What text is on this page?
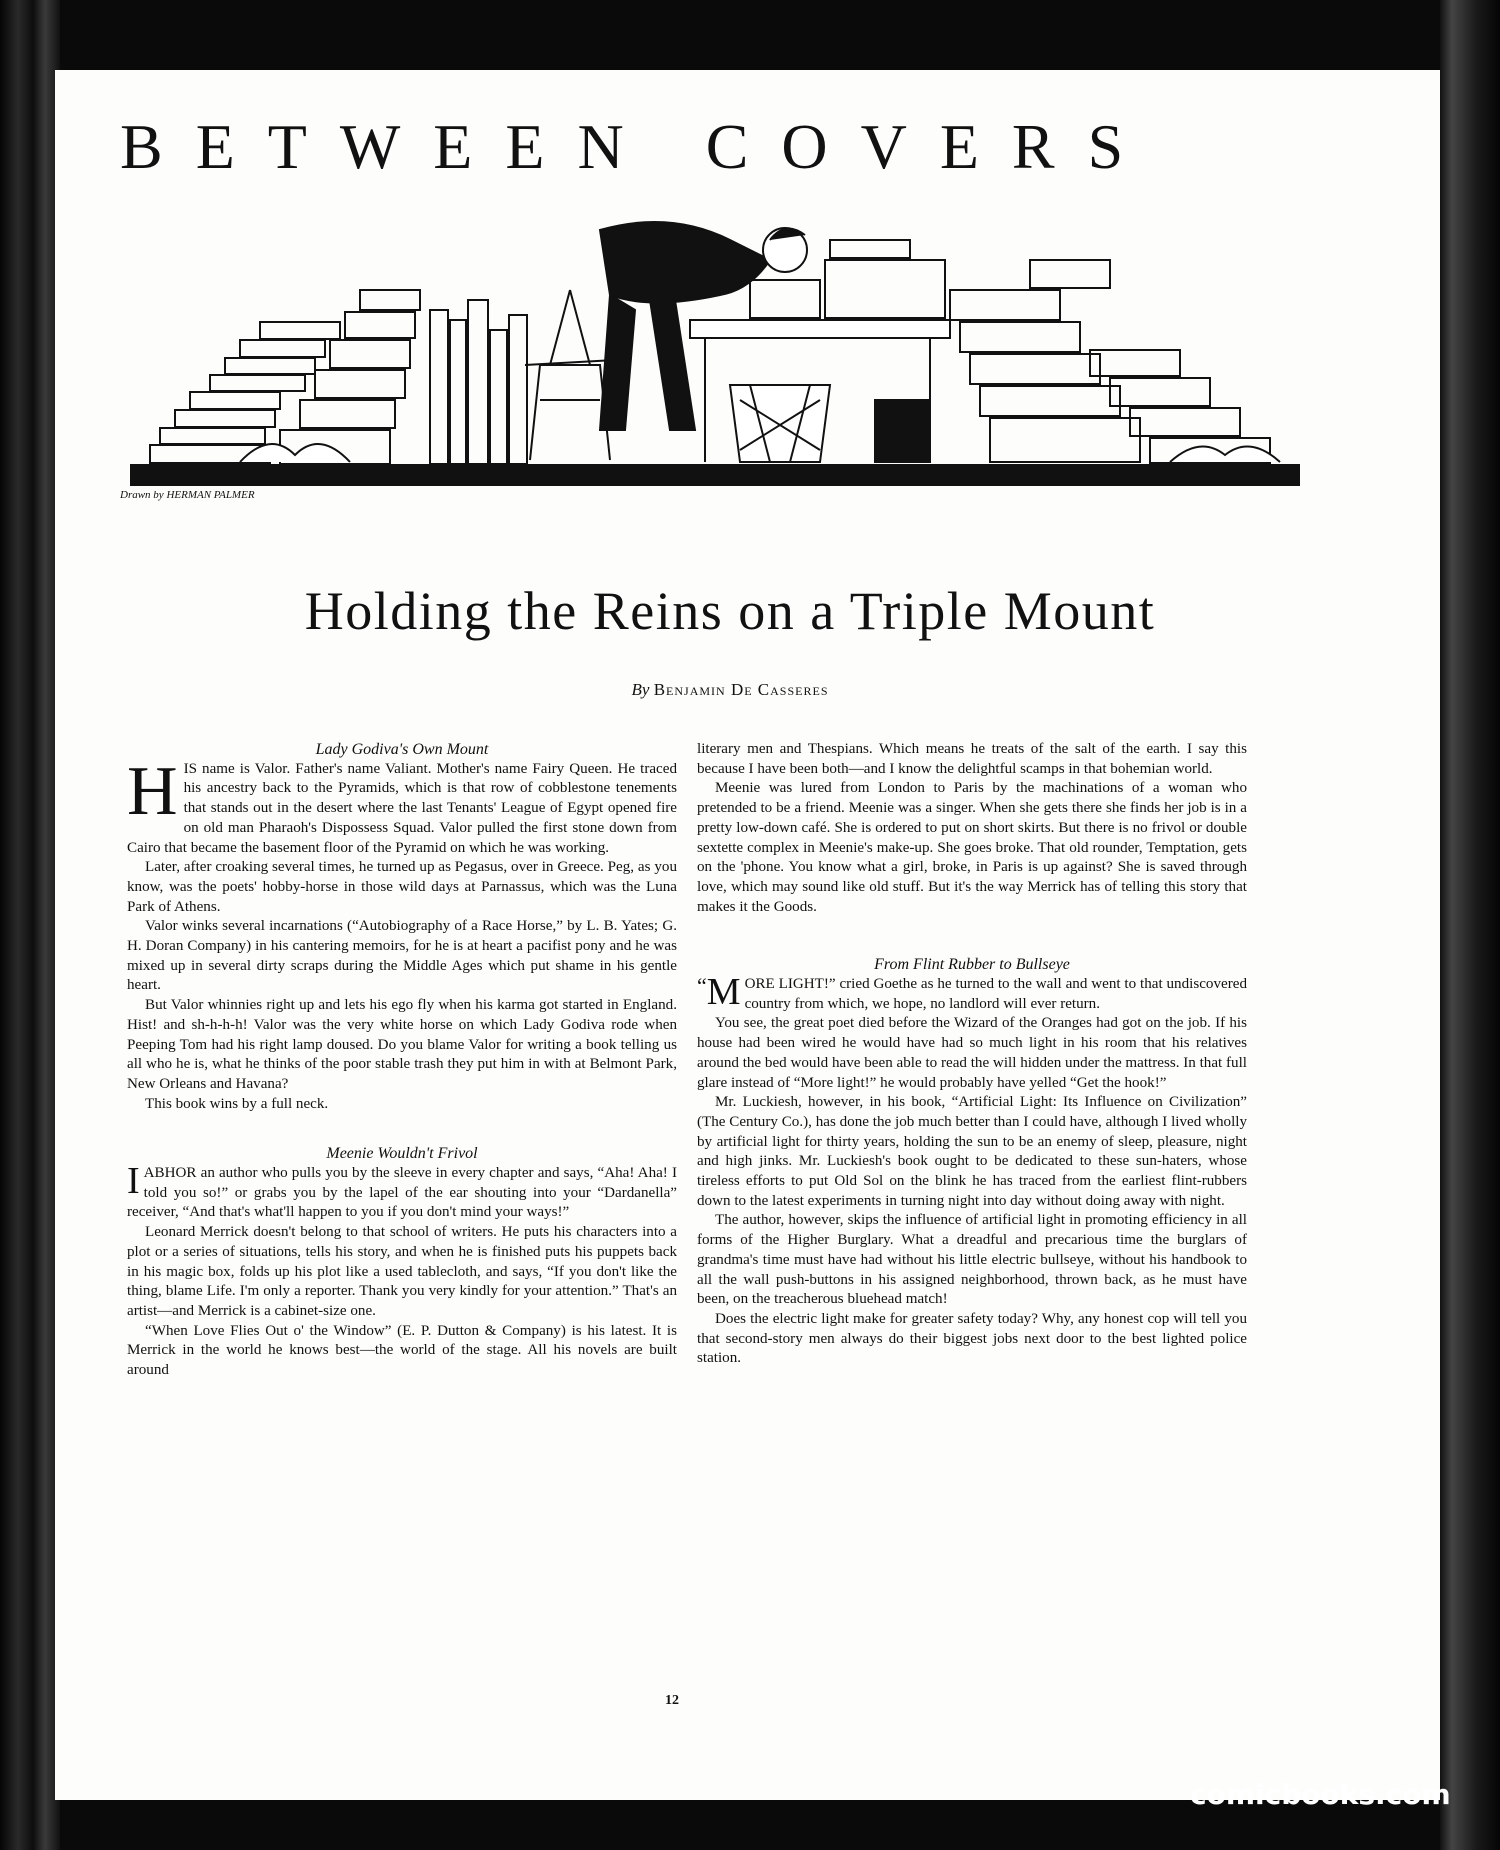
BETWEEN COVERS
Drawn by HERMAN PALMER
Holding the Reins on a Triple Mount
By Benjamin De Casseres

Lady Godiva's Own Mount

HIS name is Valor. Father's name Valiant. Mother's name Fairy Queen. He traced his ancestry back to the Pyramids, which is that row of cobblestone tenements that stands out in the desert where the last Tenants' League of Egypt opened fire on old man Pharaoh's Dispossess Squad. Valor pulled the first stone down from Cairo that became the basement floor of the Pyramid on which he was working.

Later, after croaking several times, he turned up as Pegasus, over in Greece. Peg, as you know, was the poets' hobby-horse in those wild days at Parnassus, which was the Luna Park of Athens.

Valor winks several incarnations (“Autobiography of a Race Horse,” by L. B. Yates; G. H. Doran Company) in his cantering memoirs, for he is at heart a pacifist pony and he was mixed up in several dirty scraps during the Middle Ages which put shame in his gentle heart.

But Valor whinnies right up and lets his ego fly when his karma got started in England. Hist! and sh-h-h-h! Valor was the very white horse on which Lady Godiva rode when Peeping Tom had his right lamp doused. Do you blame Valor for writing a book telling us all who he is, what he thinks of the poor stable trash they put him in with at Belmont Park, New Orleans and Havana?

This book wins by a full neck.

Meenie Wouldn't Frivol

IABHOR an author who pulls you by the sleeve in every chapter and says, “Aha! Aha! I told you so!” or grabs you by the lapel of the ear shouting into your “Dardanella” receiver, “And that's what'll happen to you if you don't mind your ways!”

Leonard Merrick doesn't belong to that school of writers. He puts his characters into a plot or a series of situations, tells his story, and when he is finished puts his puppets back in his magic box, folds up his plot like a used tablecloth, and says, “If you don't like the thing, blame Life. I'm only a reporter. Thank you very kindly for your attention.” That's an artist—and Merrick is a cabinet-size one.

“When Love Flies Out o' the Window” (E. P. Dutton & Company) is his latest. It is Merrick in the world he knows best—the world of the stage. All his novels are built around

literary men and Thespians. Which means he treats of the salt of the earth. I say this because I have been both—and I know the delightful scamps in that bohemian world.

Meenie was lured from London to Paris by the machinations of a woman who pretended to be a friend. Meenie was a singer. When she gets there she finds her job is in a pretty low-down café. She is ordered to put on short skirts. But there is no frivol or double sextette complex in Meenie's make-up. She goes broke. That old rounder, Temptation, gets on the 'phone. You know what a girl, broke, in Paris is up against? She is saved through love, which may sound like old stuff. But it's the way Merrick has of telling this story that makes it the Goods.

From Flint Rubber to Bullseye

“ M ORE LIGHT!” cried Goethe as he turned to the wall and went to that undiscovered country from which, we hope, no landlord will ever return.

You see, the great poet died before the Wizard of the Oranges had got on the job. If his house had been wired he would have had so much light in his room that his relatives around the bed would have been able to read the will hidden under the mattress. In that full glare instead of “More light!” he would probably have yelled “Get the hook!”

Mr. Luckiesh, however, in his book, “Artificial Light: Its Influence on Civilization” (The Century Co.), has done the job much better than I could have, although I lived wholly by artificial light for thirty years, holding the sun to be an enemy of sleep, pleasure, night and high jinks. Mr. Luckiesh's book ought to be dedicated to these sun-haters, whose tireless efforts to put Old Sol on the blink he has traced from the earliest flint-rubbers down to the latest experiments in turning night into day without doing away with night.

The author, however, skips the influence of artificial light in promoting efficiency in all forms of the Higher Burglary. What a dreadful and precarious time the burglars of grandma's time must have had without his little electric bullseye, without his handbook to all the wall push-buttons in his assigned neighborhood, thrown back, as he must have been, on the treacherous bluehead match!

Does the electric light make for greater safety today? Why, any honest cop will tell you that second-story men always do their biggest jobs next door to the best lighted police station.

12
comicbooks.com
